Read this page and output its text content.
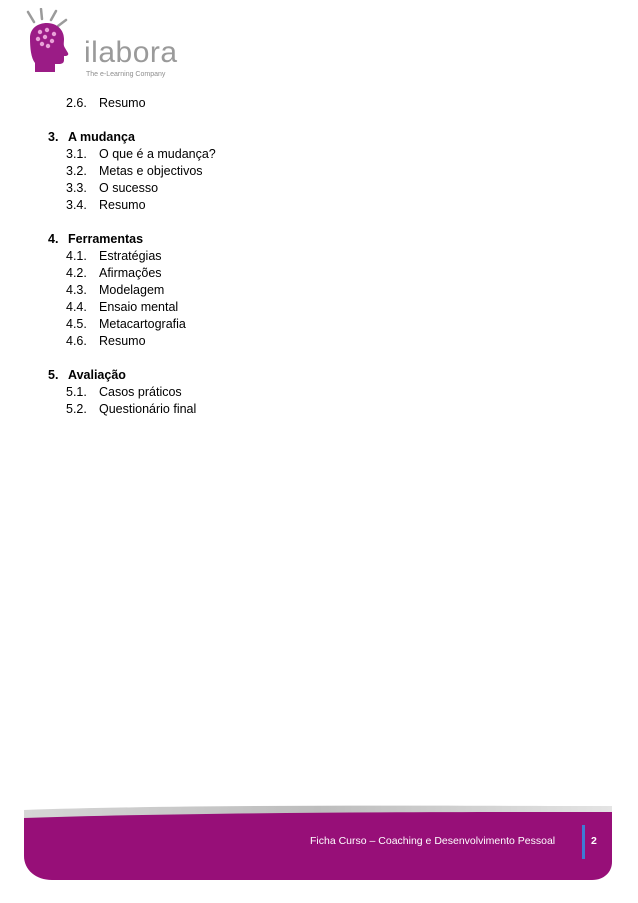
ilabora
The e-Learning Company
2.6. Resumo
3. A mudança
3.1. O que é a mudança?
3.2. Metas e objectivos
3.3. O sucesso
3.4. Resumo
4. Ferramentas
4.1. Estratégias
4.2. Afirmações
4.3. Modelagem
4.4. Ensaio mental
4.5. Metacartografia
4.6. Resumo
5. Avaliação
5.1. Casos práticos
5.2. Questionário final
Ficha Curso – Coaching e Desenvolvimento Pessoal	2
